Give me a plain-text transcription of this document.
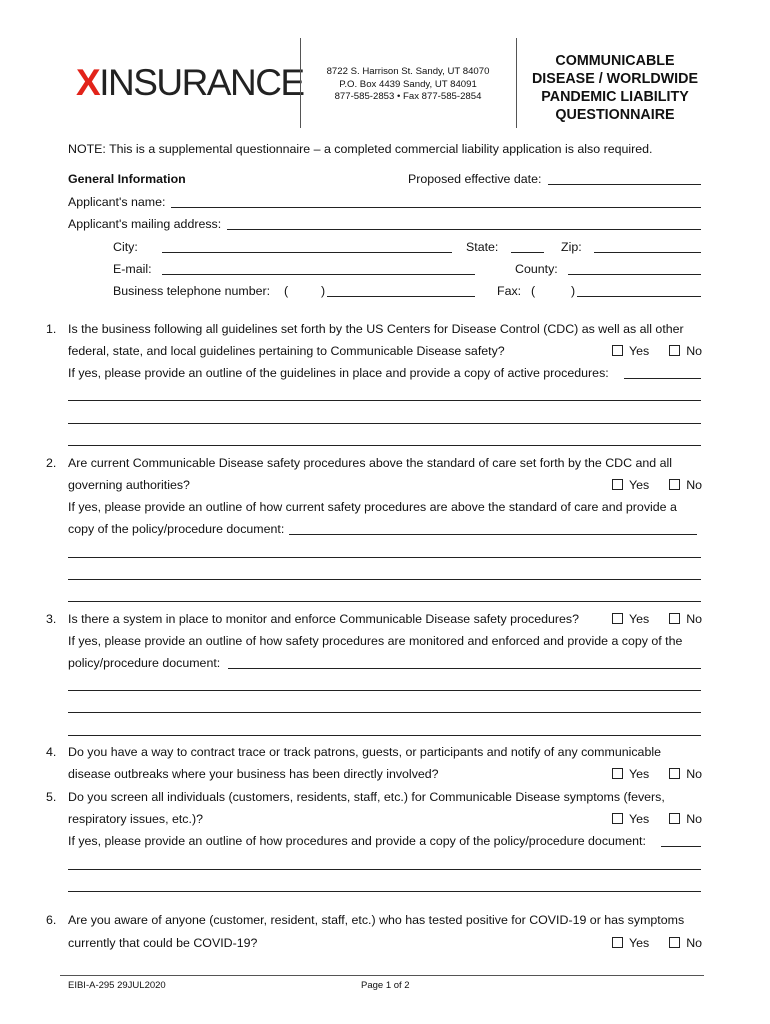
XINSURANCE	8722 S. Harrison St. Sandy, UT 84070
P.O. Box 4439 Sandy, UT 84091
877-585-2853 • Fax 877-585-2854
COMMUNICABLE
DISEASE / WORLDWIDE
PANDEMIC LIABILITY
QUESTIONNAIRE
NOTE: This is a supplemental questionnaire – a completed commercial liability application is also required.
General Information	Proposed effective date:
Applicant's name:
Applicant's mailing address:
City:	State:	Zip:
E-mail:	County:
Business telephone number: (	)	Fax: (	)
1. Is the business following all guidelines set forth by the US Centers for Disease Control (CDC) as well as all other
federal, state, and local guidelines pertaining to Communicable Disease safety?	Yes	No
If yes, please provide an outline of the guidelines in place and provide a copy of active procedures:
2. Are current Communicable Disease safety procedures above the standard of care set forth by the CDC and all
governing authorities?	Yes	No
If yes, please provide an outline of how current safety procedures are above the standard of care and provide a
copy of the policy/procedure document:
3. Is there a system in place to monitor and enforce Communicable Disease safety procedures?	Yes	No
If yes, please provide an outline of how safety procedures are monitored and enforced and provide a copy of the
policy/procedure document:
4. Do you have a way to contract trace or track patrons, guests, or participants and notify of any communicable
disease outbreaks where your business has been directly involved?	Yes	No
5. Do you screen all individuals (customers, residents, staff, etc.) for Communicable Disease symptoms (fevers,
respiratory issues, etc.)?	Yes	No
If yes, please provide an outline of how procedures and provide a copy of the policy/procedure document:
6. Are you aware of anyone (customer, resident, staff, etc.) who has tested positive for COVID-19 or has symptoms
currently that could be COVID-19?	Yes	No
EIBI-A-295 29JUL2020	Page 1 of 2
